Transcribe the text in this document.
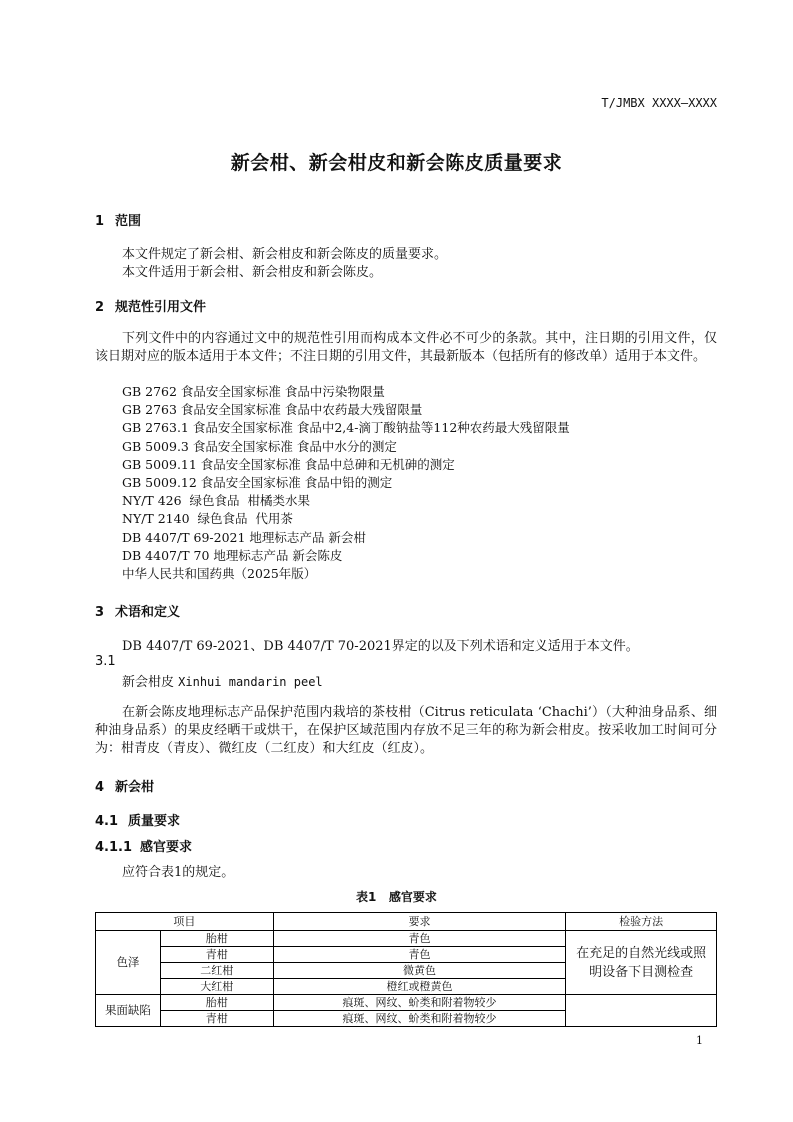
T/JMBX XXXX—XXXX
新会柑、新会柑皮和新会陈皮质量要求
1 范围
本文件规定了新会柑、新会柑皮和新会陈皮的质量要求。
本文件适用于新会柑、新会柑皮和新会陈皮。
2 规范性引用文件
下列文件中的内容通过文中的规范性引用而构成本文件必不可少的条款。其中，注日期的引用文件，仅该日期对应的版本适用于本文件；不注日期的引用文件，其最新版本（包括所有的修改单）适用于本文件。
GB 2762 食品安全国家标准 食品中污染物限量
GB 2763 食品安全国家标准 食品中农药最大残留限量
GB 2763.1 食品安全国家标准 食品中2,4-滴丁酸钠盐等112种农药最大残留限量
GB 5009.3 食品安全国家标准 食品中水分的测定
GB 5009.11 食品安全国家标准 食品中总砷和无机砷的测定
GB 5009.12 食品安全国家标准 食品中铅的测定
NY/T 426  绿色食品  柑橘类水果
NY/T 2140  绿色食品  代用茶
DB 4407/T 69-2021 地理标志产品 新会柑
DB 4407/T 70 地理标志产品 新会陈皮
中华人民共和国药典（2025年版）
3 术语和定义
DB 4407/T 69-2021、DB 4407/T 70-2021界定的以及下列术语和定义适用于本文件。
3.1
新会柑皮 Xinhui mandarin peel
在新会陈皮地理标志产品保护范围内栽培的茶枝柑（Citrus reticulata ‘Chachi’）（大种油身品系、细种油身品系）的果皮经晒干或烘干，在保护区域范围内存放不足三年的称为新会柑皮。按采收加工时间可分为：柑青皮（青皮）、微红皮（二红皮）和大红皮（红皮）。
4 新会柑
4.1 质量要求
4.1.1 感官要求
应符合表1的规定。
表1   感官要求
项目		要求	检验方法
色泽	胎柑	青色	在充足的自然光线或照明设备下目测检查
	青柑	青色	
	二红柑	微黄色	
	大红柑	橙红或橙黄色	
果面缺陷	胎柑	痕斑、网纹、蚧类和附着物较少	
	青柑	痕斑、网纹、蚧类和附着物较少	
1
